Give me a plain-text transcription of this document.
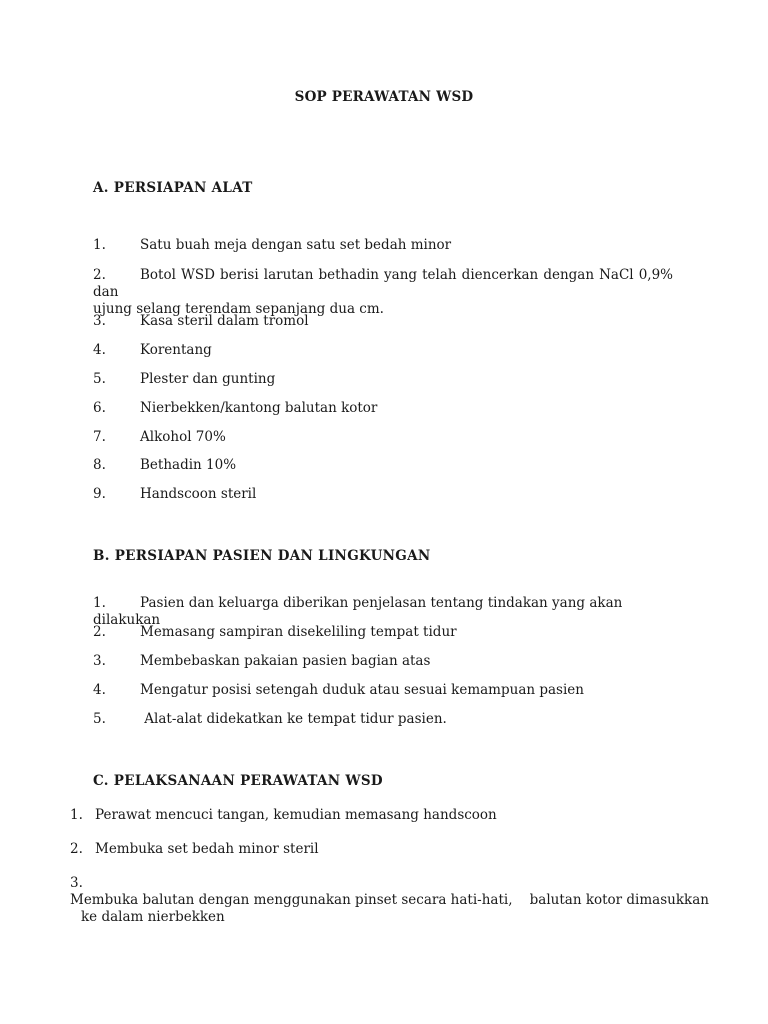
SOP PERAWATAN WSD
A. PERSIAPAN ALAT
1.	Satu buah meja dengan satu set bedah minor
2.	Botol WSD berisi larutan bethadin yang telah diencerkan dengan NaCl 0,9% dan
ujung selang terendam sepanjang dua cm.
3.	Kasa steril dalam tromol
4.	Korentang
5.	Plester dan gunting
6.	Nierbekken/kantong balutan kotor
7.	Alkohol 70%
8.	Bethadin 10%
9.	Handscoon steril
B. PERSIAPAN PASIEN DAN LINGKUNGAN
1.	Pasien dan keluarga diberikan penjelasan tentang tindakan yang akan dilakukan
2.	Memasang sampiran disekeliling tempat tidur
3.	Membebaskan pakaian pasien bagian atas
4.	Mengatur posisi setengah duduk atau sesuai kemampuan pasien
5.	Alat-alat didekatkan ke tempat tidur pasien.
C. PELAKSANAAN PERAWATAN WSD
1. Perawat mencuci tangan, kemudian memasang handscoon
2. Membuka set bedah minor steril
3.Membuka balutan dengan menggunakan pinset secara hati-hati,    balutan kotor dimasukkan
ke dalam nierbekken
